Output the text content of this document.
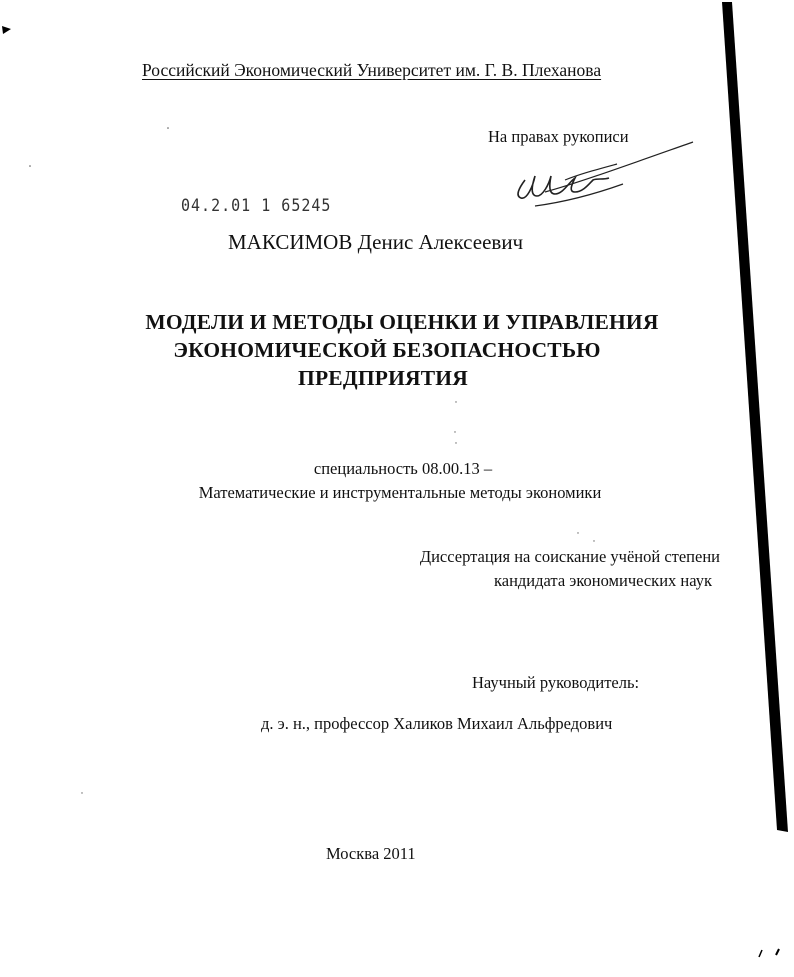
Российский Экономический Университет им. Г. В. Плеханова
На правах рукописи
04.2.01 1 65245
МАКСИМОВ Денис Алексеевич
МОДЕЛИ И МЕТОДЫ ОЦЕНКИ И УПРАВЛЕНИЯ
ЭКОНОМИЧЕСКОЙ БЕЗОПАСНОСТЬЮ
ПРЕДПРИЯТИЯ
специальность 08.00.13 –
Математические и инструментальные методы экономики
Диссертация на соискание учёной степени
кандидата экономических наук
Научный руководитель:
д. э. н., профессор Халиков Михаил Альфредович
Москва 2011
